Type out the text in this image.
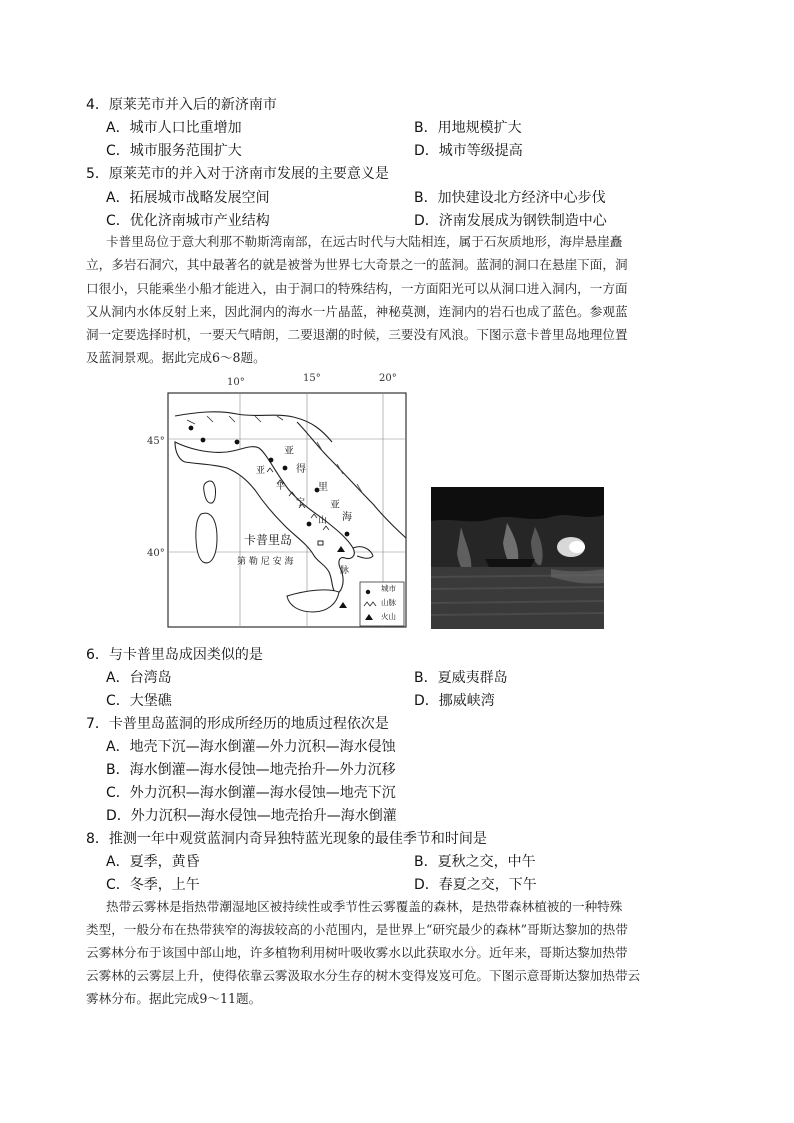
4．原莱芜市并入后的新济南市
A．城市人口比重增加	B．用地规模扩大
C．城市服务范围扩大	D．城市等级提高
5．原莱芜市的并入对于济南市发展的主要意义是
A．拓展城市战略发展空间	B．加快建设北方经济中心步伐
C．优化济南城市产业结构	D．济南发展成为钢铁制造中心
卡普里岛位于意大利那不勒斯湾南部，在远古时代与大陆相连，属于石灰质地形，海岸悬崖矗
立，多岩石洞穴，其中最著名的就是被誉为世界七大奇景之一的蓝洞。蓝洞的洞口在悬崖下面，洞
口很小，只能乘坐小船才能进入，由于洞口的特殊结构，一方面阳光可以从洞口进入洞内，一方面
又从洞内水体反射上来，因此洞内的海水一片晶蓝，神秘莫测，连洞内的岩石也成了蓝色。参观蓝
洞一定要选择时机，一要天气晴朗，二要退潮的时候，三要没有风浪。下图示意卡普里岛地理位置
及蓝洞景观。据此完成6～8题。
10°	15°	20°
45°
40°
亚
得
里
亚
海
亚
平
宁
山
脉
卡普里岛
第 勒 尼 安 海
城市
山脉
火山
6．与卡普里岛成因类似的是
A．台湾岛	B．夏威夷群岛
C．大堡礁	D．挪威峡湾
7．卡普里岛蓝洞的形成所经历的地质过程依次是
A．地壳下沉—海水倒灌—外力沉积—海水侵蚀
B．海水倒灌—海水侵蚀—地壳抬升—外力沉移
C．外力沉积—海水倒灌—海水侵蚀—地壳下沉
D．外力沉积—海水侵蚀—地壳抬升—海水倒灌
8．推测一年中观赏蓝洞内奇异独特蓝光现象的最佳季节和时间是
A．夏季，黄昏	B．夏秋之交，中午
C．冬季，上午	D．春夏之交，下午
热带云雾林是指热带潮湿地区被持续性或季节性云雾覆盖的森林，是热带森林植被的一种特殊
类型，一般分布在热带狭窄的海拔较高的小范围内，是世界上“研究最少的森林”哥斯达黎加的热带
云雾林分布于该国中部山地，许多植物利用树叶吸收雾水以此获取水分。近年来，哥斯达黎加热带
云雾林的云雾层上升，使得依靠云雾汲取水分生存的树木变得岌岌可危。下图示意哥斯达黎加热带云
雾林分布。据此完成9～11题。
